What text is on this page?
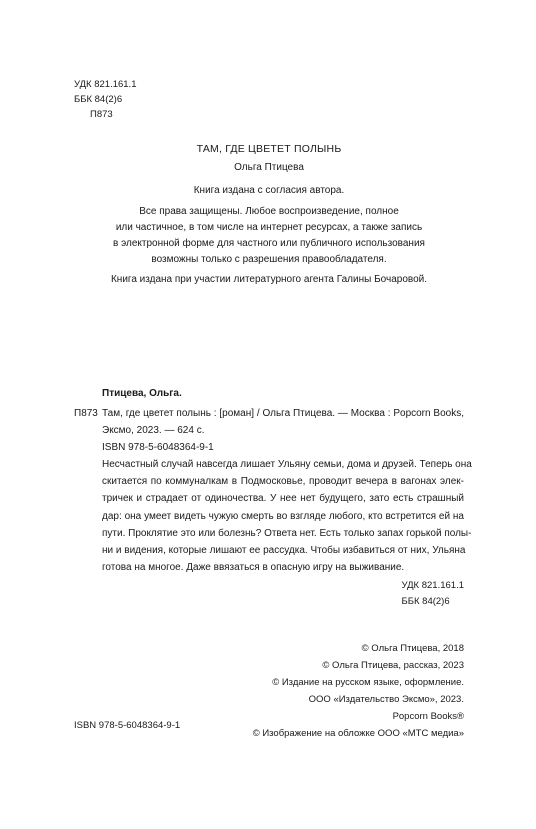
УДК 821.161.1
ББК 84(2)6
П873
ТАМ, ГДЕ ЦВЕТЕТ ПОЛЫНЬ
Ольга Птицева
Книга издана с согласия автора.
Все права защищены. Любое воспроизведение, полное
или частичное, в том числе на интернет ресурсах, а также запись
в электронной форме для частного или публичного использования
возможны только с разрешения правообладателя.
Книга издана при участии литературного агента Галины Бочаровой.
Птицева, Ольга.
П873 Там, где цветет полынь : [роман] / Ольга Птицева. — Москва : Popcorn Books, Эксмо, 2023. — 624 с.
ISBN 978-5-6048364-9-1
Несчастный случай навсегда лишает Ульяну семьи, дома и друзей. Теперь она
скитается по коммуналкам в Подмосковье, проводит вечера в вагонах элек-
тричек и страдает от одиночества. У нее нет будущего, зато есть страшный
дар: она умеет видеть чужую смерть во взгляде любого, кто встретится ей на
пути. Проклятие это или болезнь? Ответа нет. Есть только запах горькой полы-
ни и видения, которые лишают ее рассудка. Чтобы избавиться от них, Ульяна
готова на многое. Даже ввязаться в опасную игру на выживание.
УДК 821.161.1
ББК 84(2)6
© Ольга Птицева, 2018
© Ольга Птицева, рассказ, 2023
© Издание на русском языке, оформление.
ООО «Издательство Эксмо», 2023.
Popcorn Books®
© Изображение на обложке ООО «МТС медиа»
ISBN 978-5-6048364-9-1
